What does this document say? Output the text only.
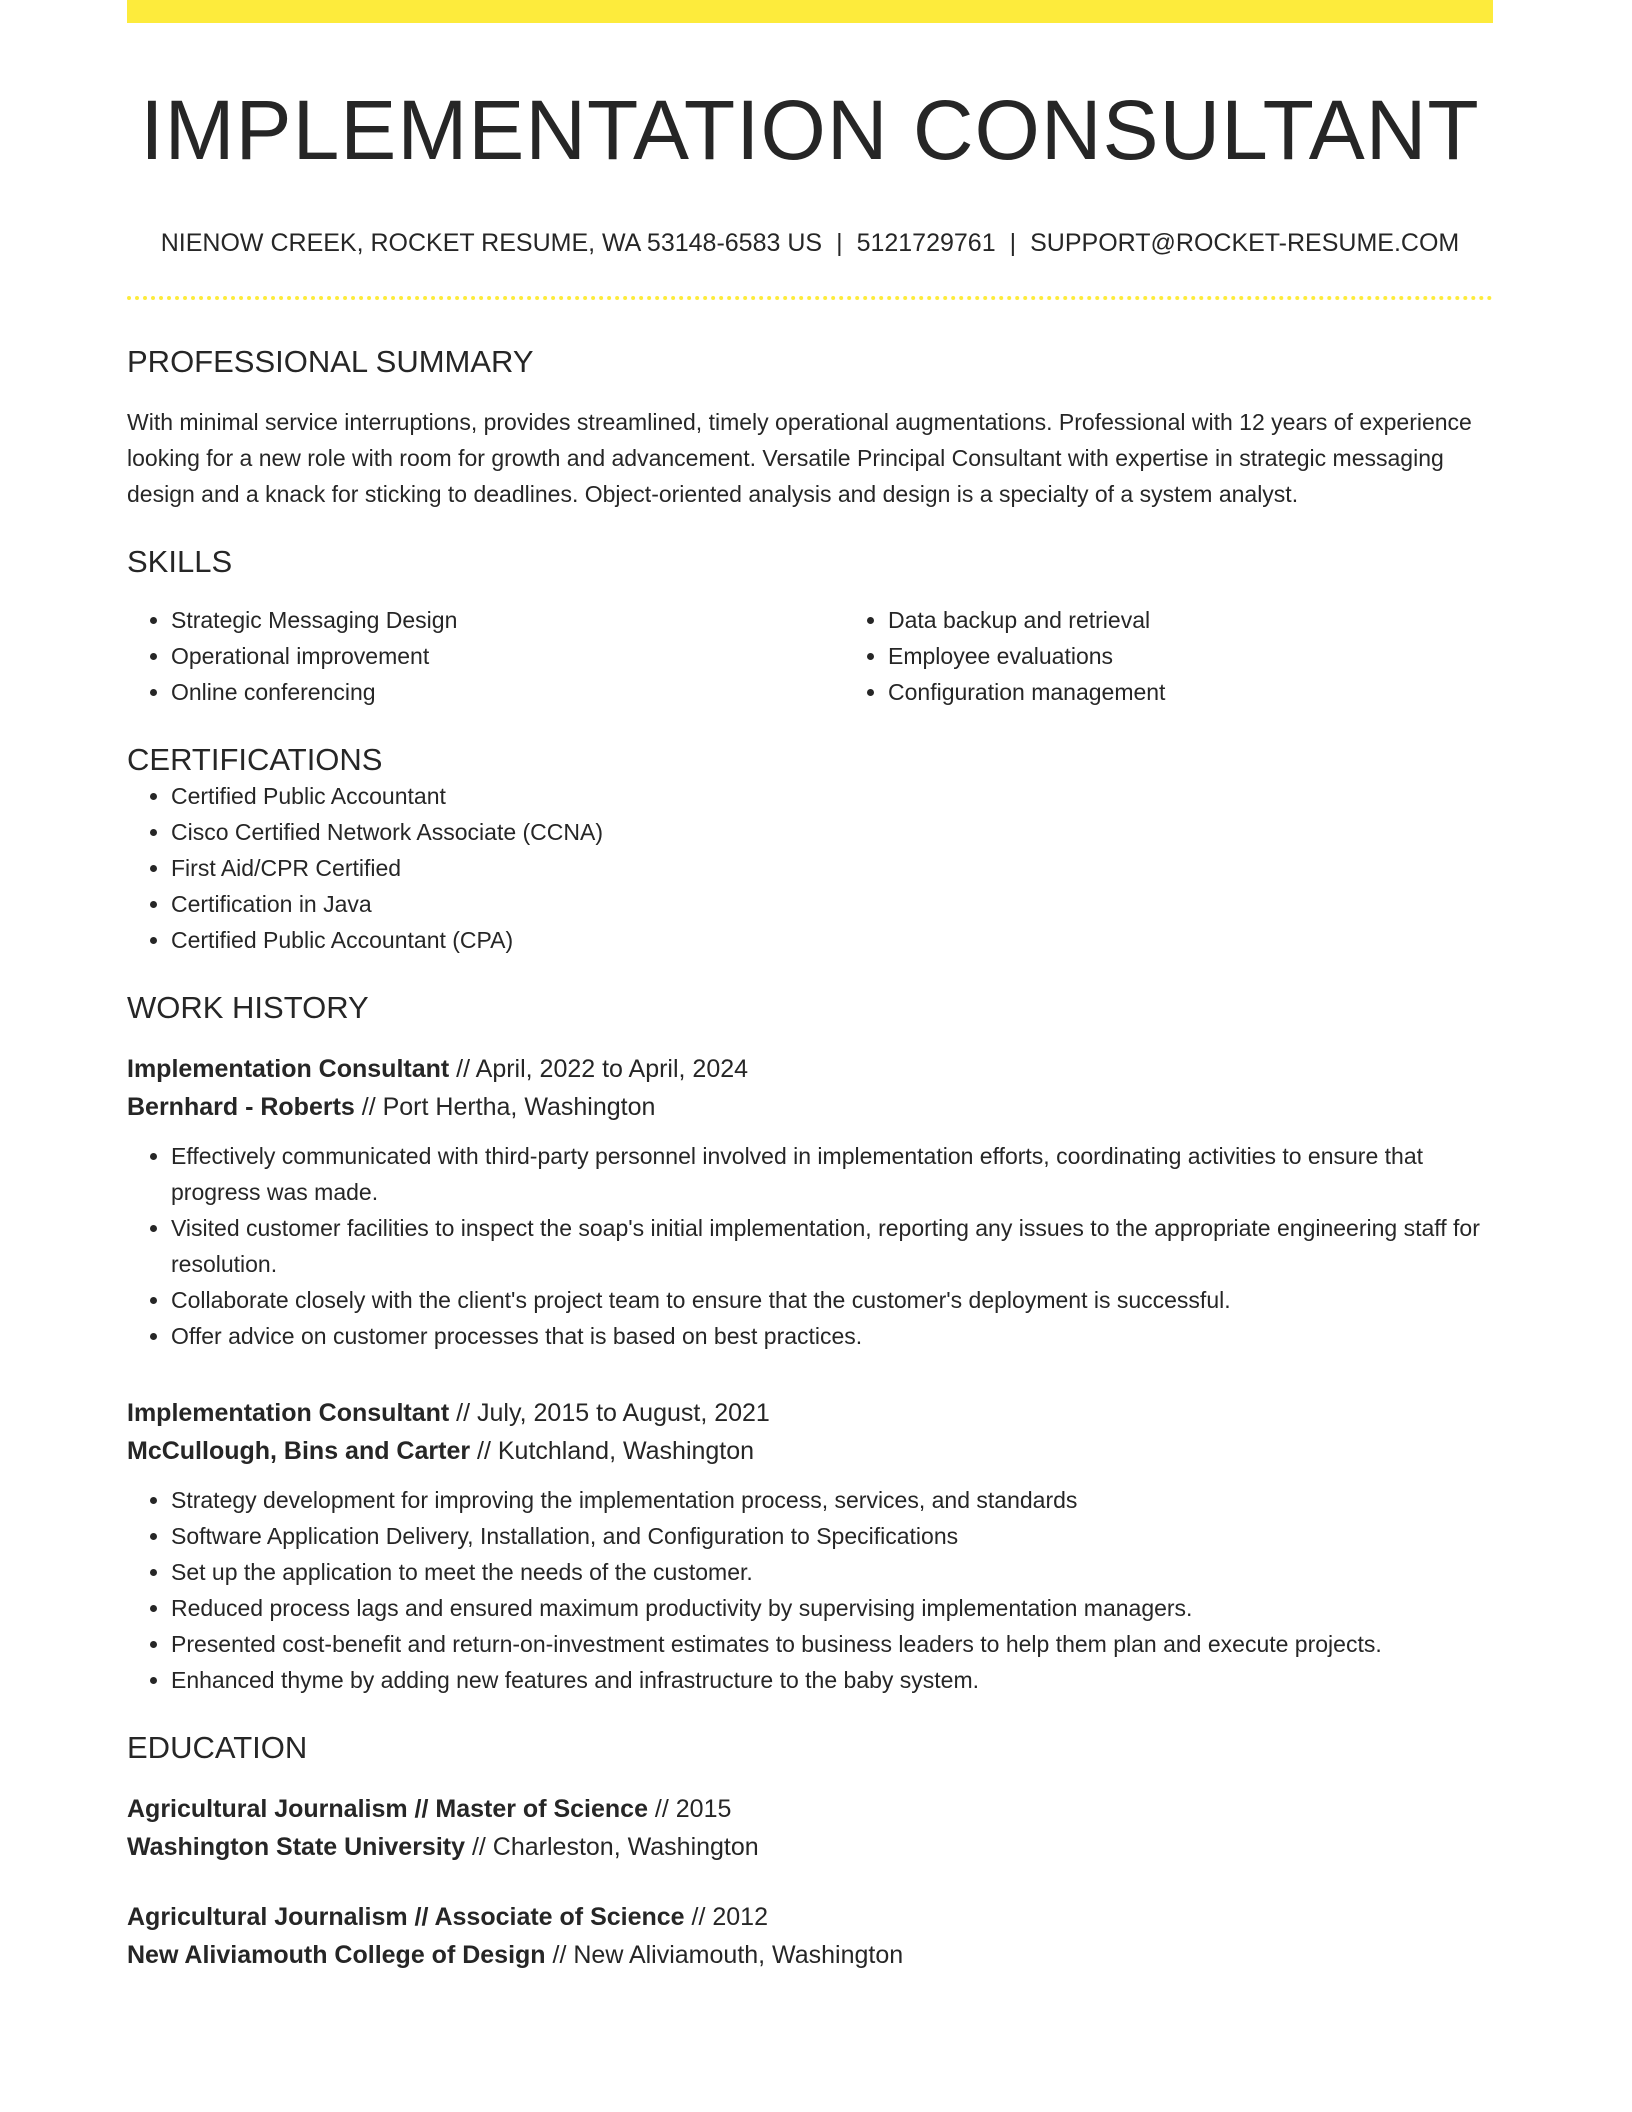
IMPLEMENTATION CONSULTANT
NIENOW CREEK, ROCKET RESUME, WA 53148-6583 US | 5121729761 | SUPPORT@ROCKET-RESUME.COM
PROFESSIONAL SUMMARY
With minimal service interruptions, provides streamlined, timely operational augmentations. Professional with 12 years of experience looking for a new role with room for growth and advancement. Versatile Principal Consultant with expertise in strategic messaging design and a knack for sticking to deadlines. Object-oriented analysis and design is a specialty of a system analyst.
SKILLS
• Strategic Messaging Design
• Operational improvement
• Online conferencing
• Data backup and retrieval
• Employee evaluations
• Configuration management
CERTIFICATIONS
• Certified Public Accountant
• Cisco Certified Network Associate (CCNA)
• First Aid/CPR Certified
• Certification in Java
• Certified Public Accountant (CPA)
WORK HISTORY
Implementation Consultant // April, 2022 to April, 2024
Bernhard - Roberts // Port Hertha, Washington
• Effectively communicated with third-party personnel involved in implementation efforts, coordinating activities to ensure that progress was made.
• Visited customer facilities to inspect the soap's initial implementation, reporting any issues to the appropriate engineering staff for resolution.
• Collaborate closely with the client's project team to ensure that the customer's deployment is successful.
• Offer advice on customer processes that is based on best practices.
Implementation Consultant // July, 2015 to August, 2021
McCullough, Bins and Carter // Kutchland, Washington
• Strategy development for improving the implementation process, services, and standards
• Software Application Delivery, Installation, and Configuration to Specifications
• Set up the application to meet the needs of the customer.
• Reduced process lags and ensured maximum productivity by supervising implementation managers.
• Presented cost-benefit and return-on-investment estimates to business leaders to help them plan and execute projects.
• Enhanced thyme by adding new features and infrastructure to the baby system.
EDUCATION
Agricultural Journalism // Master of Science // 2015
Washington State University // Charleston, Washington
Agricultural Journalism // Associate of Science // 2012
New Aliviamouth College of Design // New Aliviamouth, Washington
